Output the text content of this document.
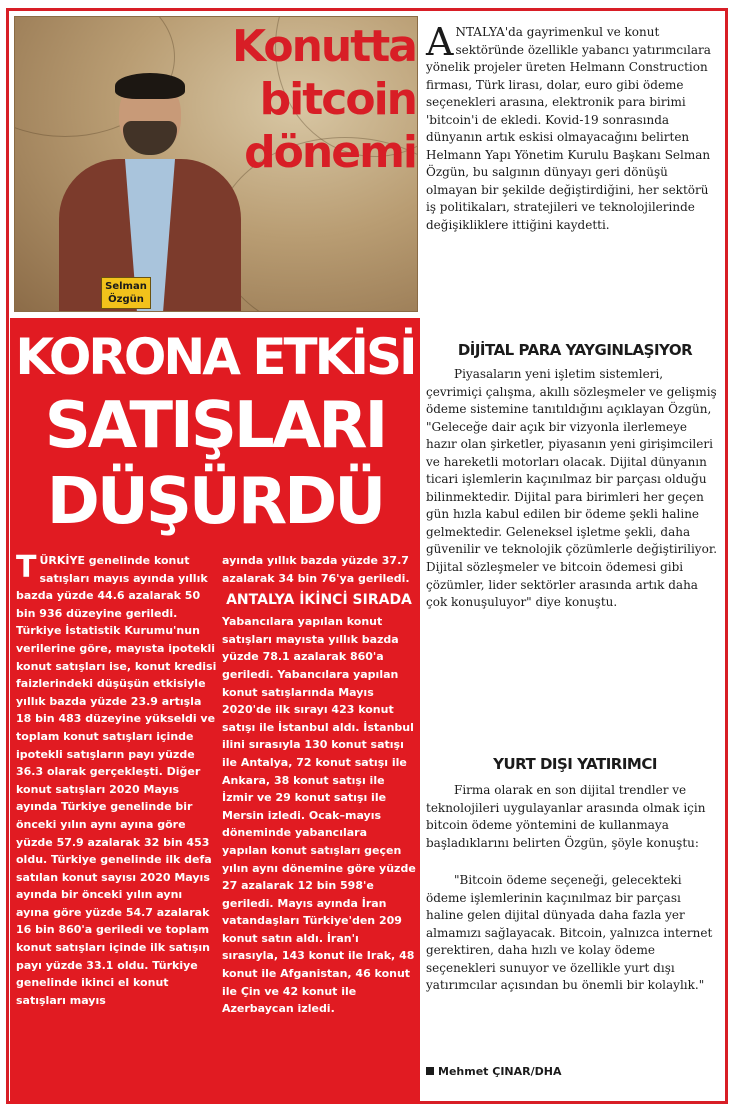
Selman
Özgün
Konutta
bitcoin
dönemi
KORONA ETKİSİ
SATIŞLARI
DÜŞÜRDÜ
TÜRKİYE genelinde konut satışları mayıs ayında yıllık bazda yüzde 44.6 azalarak 50 bin 936 düzeyine geriledi. Türkiye İstatistik Kurumu'nun verilerine göre, mayısta ipotekli konut satışları ise, konut kredisi faizlerindeki düşüşün etkisiyle yıllık bazda yüzde 23.9 artışla 18 bin 483 düzeyine yükseldi ve toplam konut satışları içinde ipotekli satışların payı yüzde 36.3 olarak gerçekleşti. Diğer konut satışları 2020 Mayıs ayında Türkiye genelinde bir önceki yılın aynı ayına göre yüzde 57.9 azalarak 32 bin 453 oldu. Türkiye genelinde ilk defa satılan konut sayısı 2020 Mayıs ayında bir önceki yılın aynı ayına göre yüzde 54.7 azalarak 16 bin 860'a geriledi ve toplam konut satışları içinde ilk satışın payı yüzde 33.1 oldu. Türkiye genelinde ikinci el konut satışları mayıs
ayında yıllık bazda yüzde 37.7 azalarak 34 bin 76'ya geriledi.
ANTALYA İKİNCİ SIRADA
Yabancılara yapılan konut satışları mayısta yıllık bazda yüzde 78.1 azalarak 860'a geriledi. Yabancılara yapılan konut satışlarında Mayıs 2020'de ilk sırayı 423 konut satışı ile İstanbul aldı. İstanbul ilini sırasıyla 130 konut satışı ile Antalya, 72 konut satışı ile Ankara, 38 konut satışı ile İzmir ve 29 konut satışı ile Mersin izledi. Ocak–mayıs döneminde yabancılara yapılan konut satışları geçen yılın aynı dönemine göre yüzde 27 azalarak 12 bin 598'e geriledi. Mayıs ayında İran vatandaşları Türkiye'den 209 konut satın aldı. İran'ı sırasıyla, 143 konut ile Irak, 48 konut ile Afganistan, 46 konut ile Çin ve 42 konut ile Azerbaycan izledi.
ANTALYA'da gayrimenkul ve konut sektöründe özellikle yabancı yatırımcılara yönelik projeler üreten Helmann Construction firması, Türk lirası, dolar, euro gibi ödeme seçenekleri arasına, elektronik para birimi 'bitcoin'i de ekledi. Kovid-19 sonrasında dünyanın artık eskisi olmayacağını belirten Helmann Yapı Yönetim Kurulu Başkanı Selman Özgün, bu salgının dünyayı geri dönüşü olmayan bir şekilde değiştirdiğini, her sektörü iş politikaları, stratejileri ve teknolojilerinde değişikliklere ittiğini kaydetti.
DİJİTAL PARA YAYGINLAŞIYOR
Piyasaların yeni işletim sistemleri, çevrimiçi çalışma, akıllı sözleşmeler ve gelişmiş ödeme sistemine tanıtıldığını açıklayan Özgün, "Geleceğe dair açık bir vizyonla ilerlemeye hazır olan şirketler, piyasanın yeni girişimcileri ve hareketli motorları olacak. Dijital dünyanın ticari işlemlerin kaçınılmaz bir parçası olduğu bilinmektedir. Dijital para birimleri her geçen gün hızla kabul edilen bir ödeme şekli haline gelmektedir. Geleneksel işletme şekli, daha güvenilir ve teknolojik çözümlerle değiştiriliyor. Dijital sözleşmeler ve bitcoin ödemesi gibi çözümler, lider sektörler arasında artık daha çok konuşuluyor" diye konuştu.
YURT DIŞI YATIRIMCI
Firma olarak en son dijital trendler ve teknolojileri uygulayanlar arasında olmak için bitcoin ödeme yöntemini de kullanmaya başladıklarını belirten Özgün, şöyle konuştu:
"Bitcoin ödeme seçeneği, gelecekteki ödeme işlemlerinin kaçınılmaz bir parçası haline gelen dijital dünyada daha fazla yer almamızı sağlayacak. Bitcoin, yalnızca internet gerektiren, daha hızlı ve kolay ödeme seçenekleri sunuyor ve özellikle yurt dışı yatırımcılar açısından bu önemli bir kolaylık."
Mehmet ÇINAR/DHA
